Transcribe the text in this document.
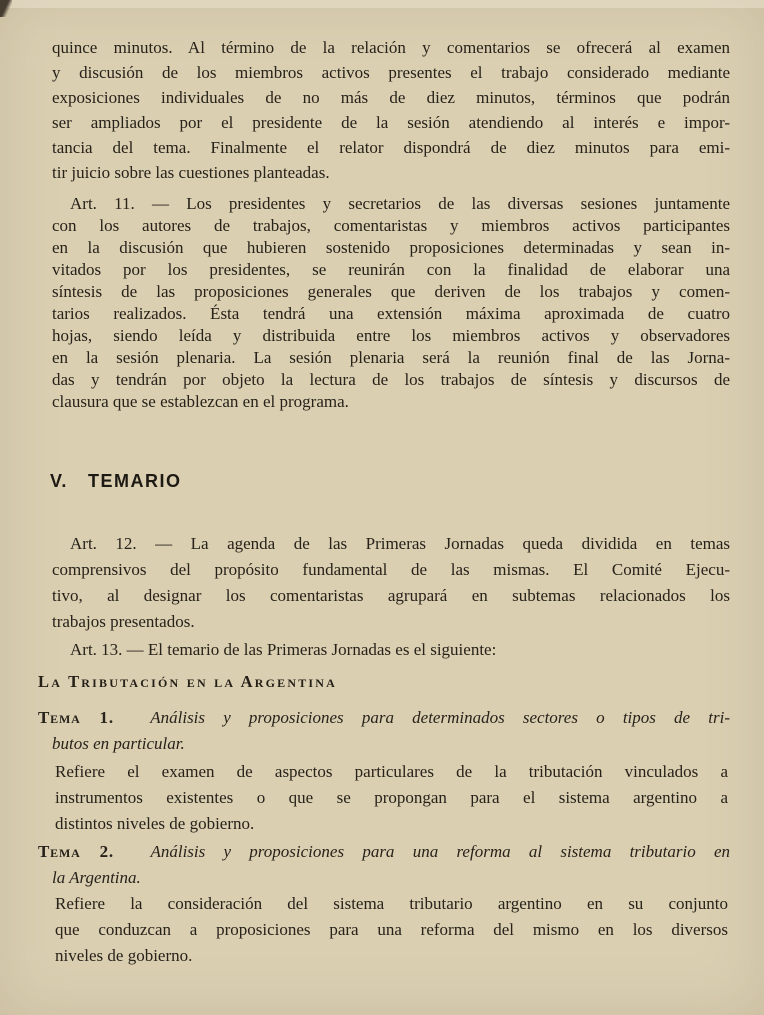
quince minutos. Al término de la relación y comentarios se ofrecerá al examen
y discusión de los miembros activos presentes el trabajo considerado mediante
exposiciones individuales de no más de diez minutos, términos que podrán
ser ampliados por el presidente de la sesión atendiendo al interés e impor-
tancia del tema. Finalmente el relator dispondrá de diez minutos para emi-
tir juicio sobre las cuestiones planteadas.
Art. 11. — Los presidentes y secretarios de las diversas sesiones juntamente
con los autores de trabajos, comentaristas y miembros activos participantes
en la discusión que hubieren sostenido proposiciones determinadas y sean in-
vitados por los presidentes, se reunirán con la finalidad de elaborar una
síntesis de las proposiciones generales que deriven de los trabajos y comen-
tarios realizados. Ésta tendrá una extensión máxima aproximada de cuatro
hojas, siendo leída y distribuida entre los miembros activos y observadores
en la sesión plenaria. La sesión plenaria será la reunión final de las Jorna-
das y tendrán por objeto la lectura de los trabajos de síntesis y discursos de
clausura que se establezcan en el programa.
V. TEMARIO
Art. 12. — La agenda de las Primeras Jornadas queda dividida en temas
comprensivos del propósito fundamental de las mismas. El Comité Ejecu-
tivo, al designar los comentaristas agrupará en subtemas relacionados los
trabajos presentados.
Art. 13. — El temario de las Primeras Jornadas es el siguiente:
La Tributación en la Argentina
Tema 1. Análisis y proposiciones para determinados sectores o tipos de tri-
butos en particular.
Refiere el examen de aspectos particulares de la tributación vinculados a
instrumentos existentes o que se propongan para el sistema argentino a
distintos niveles de gobierno.
Tema 2. Análisis y proposiciones para una reforma al sistema tributario en
la Argentina.
Refiere la consideración del sistema tributario argentino en su conjunto
que conduzcan a proposiciones para una reforma del mismo en los diversos
niveles de gobierno.
